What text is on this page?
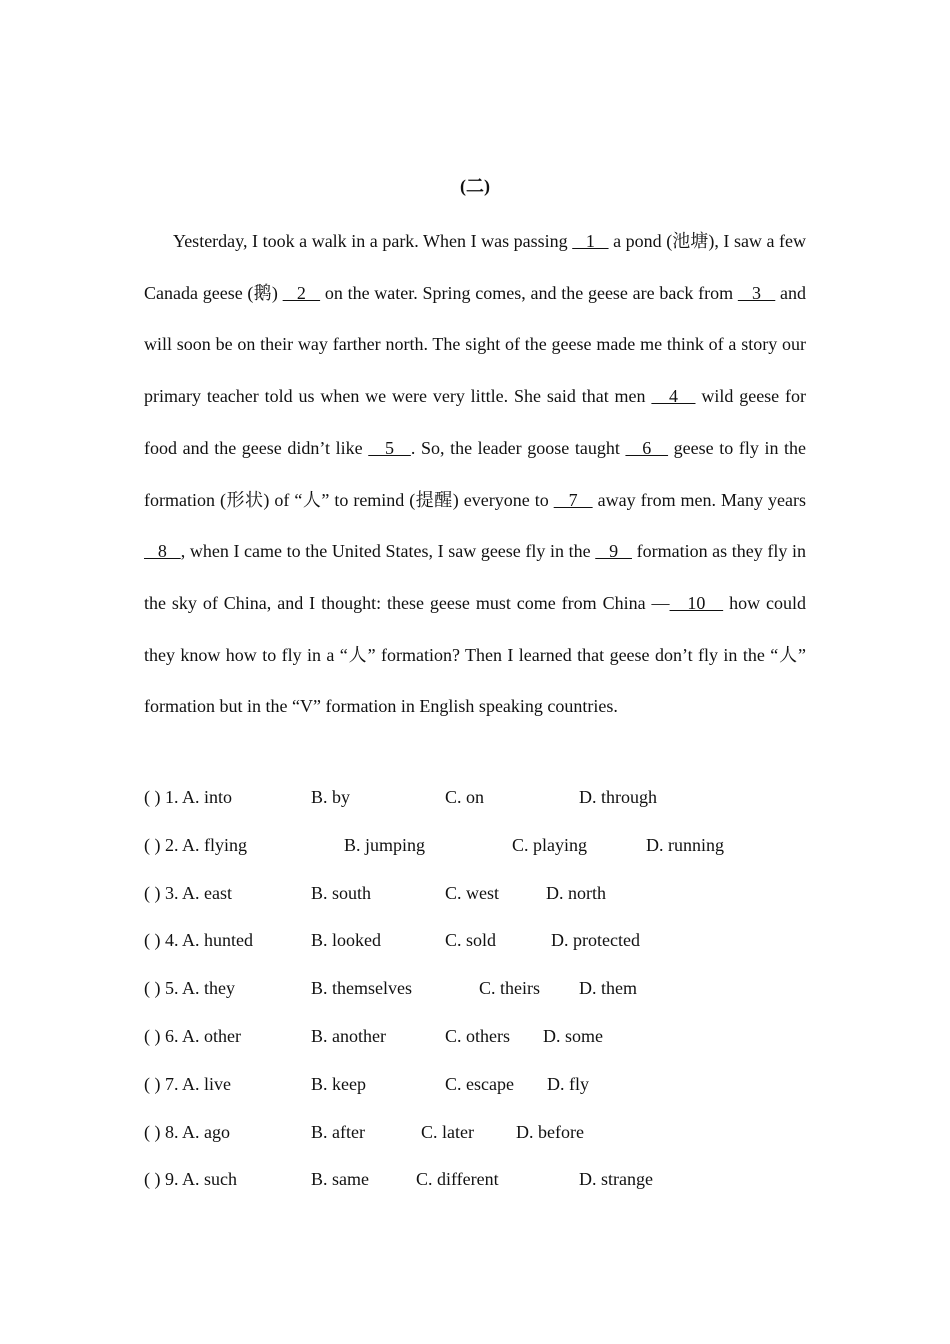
(二)

Yesterday, I took a walk in a park. When I was passing    1    a pond (池塘), I saw a few Canada geese (鹅)    2    on the water. Spring comes, and the geese are back from    3    and will soon be on their way farther north. The sight of the geese made me think of a story our primary teacher told us when we were very little. She said that men    4    wild geese for food and the geese didn’t like    5   . So, the leader goose taught    6    geese to fly in the formation (形状) of “人” to remind (提醒) everyone to    7    away from men. Many years    8   , when I came to the United States, I saw geese fly in the    9    formation as they fly in the sky of China, and I thought: these geese must come from China —   10    how could they know how to fly in a “人” formation? Then I learned that geese don’t fly in the “人” formation but in the “V” formation in English speaking countries.

( ) 1. A. into	B. by	C. on	D. through
( ) 2. A. flying	B. jumping	C. playing	D. running
( ) 3. A. east	B. south	C. west	D. north
( ) 4. A. hunted	B. looked	C. sold	D. protected
( ) 5. A. they	B. themselves	C. theirs D. them
( ) 6. A. other	B. another	C. others D. some
( ) 7. A. live	B. keep	C. escape D. fly
( ) 8. A. ago	B. after	C. later D. before
( ) 9. A. such	B. same	C. different	D. strange
